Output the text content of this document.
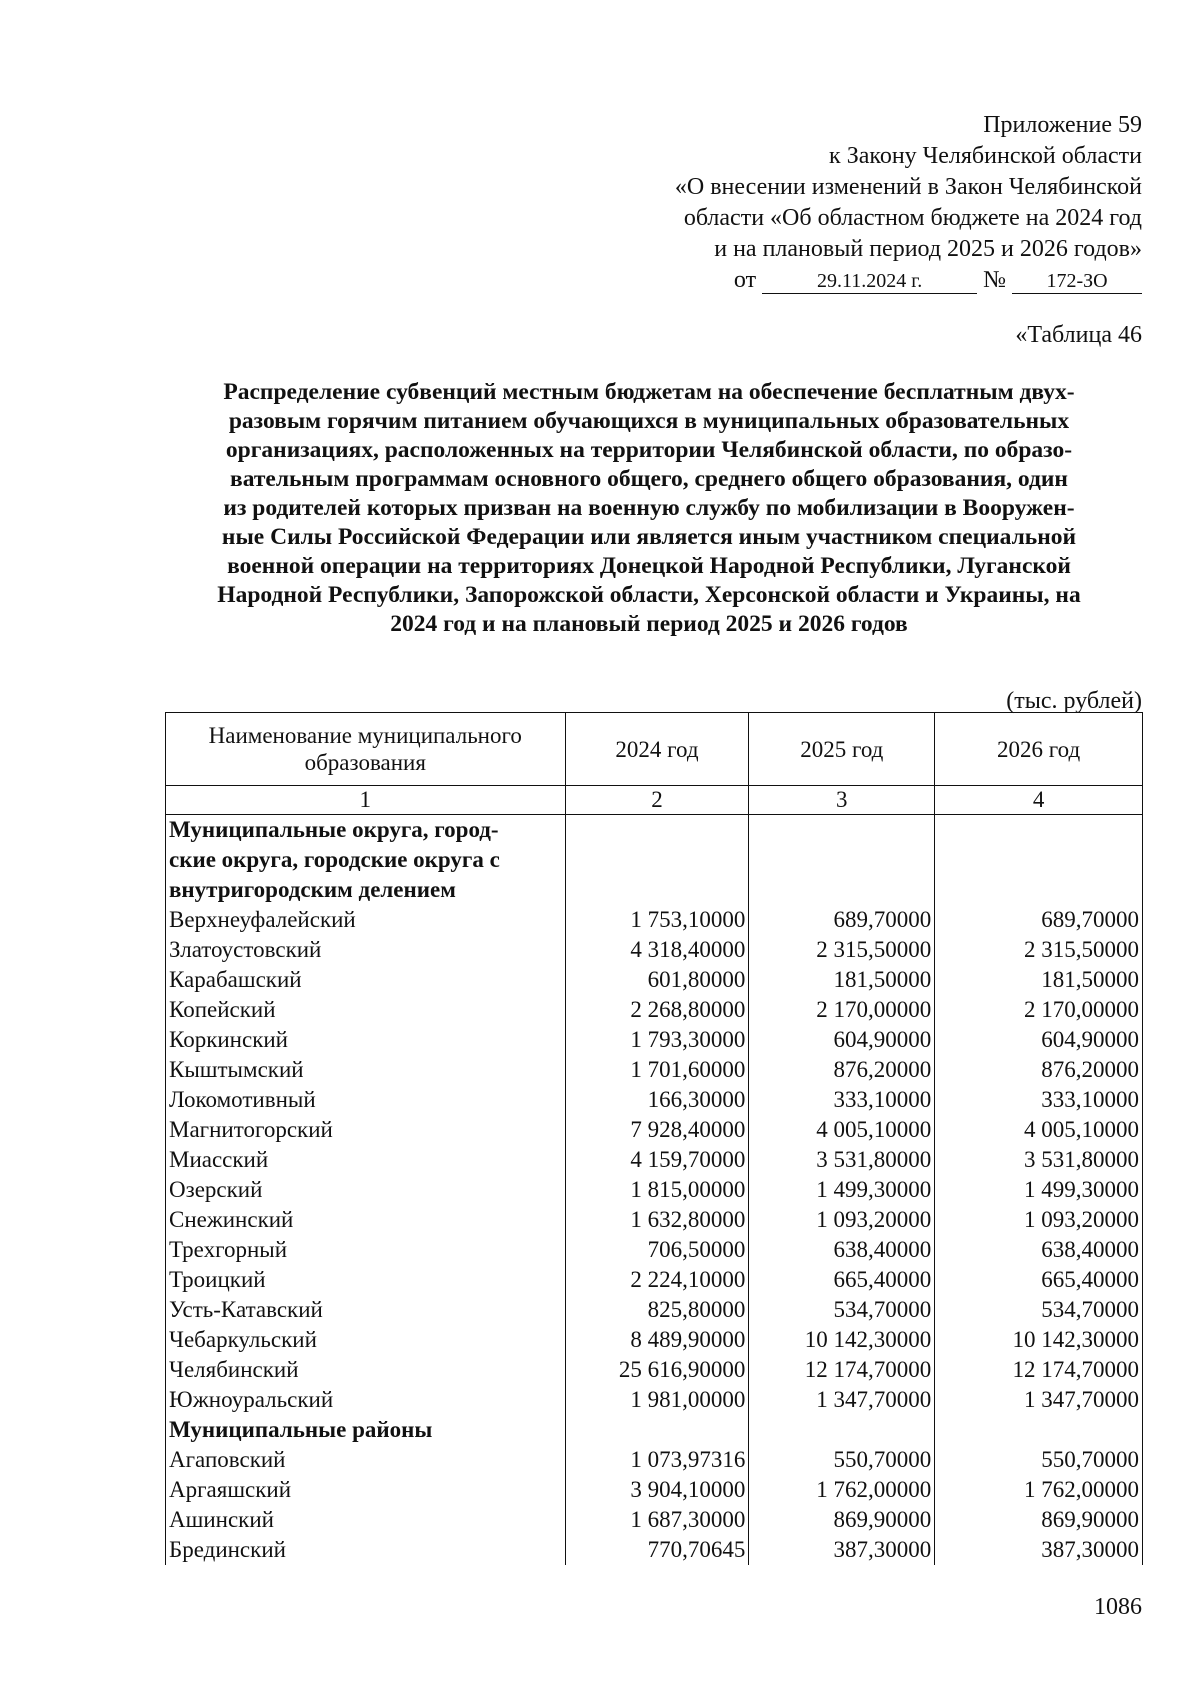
Приложение 59
к Закону Челябинской области
«О внесении изменений в Закон Челябинской
области «Об областном бюджете на 2024 год
и на плановый период 2025 и 2026 годов»
от	29.11.2024 г.	№ 172-ЗО
«Таблица 46
Распределение субвенций местным бюджетам на обеспечение бесплатным двух-
разовым горячим питанием обучающихся в муниципальных образовательных
организациях, расположенных на территории Челябинской области, по образо-
вательным программам основного общего, среднего общего образования, один
из родителей которых призван на военную службу по мобилизации в Вооружен-
ные Силы Российской Федерации или является иным участником специальной
военной операции на территориях Донецкой Народной Республики, Луганской
Народной Республики, Запорожской области, Херсонской области и Украины, на
2024 год и на плановый период 2025 и 2026 годов
(тыс. рублей)
Наименование муниципального образования	2024 год	2025 год	2026 год
1	2	3	4
Муниципальные округа, город-			
ские округа, городские округа с			
внутригородским делением			
Верхнеуфалейский	1 753,10000	689,70000	689,70000
Златоустовский	4 318,40000	2 315,50000	2 315,50000
Карабашский	601,80000	181,50000	181,50000
Копейский	2 268,80000	2 170,00000	2 170,00000
Коркинский	1 793,30000	604,90000	604,90000
Кыштымский	1 701,60000	876,20000	876,20000
Локомотивный	166,30000	333,10000	333,10000
Магнитогорский	7 928,40000	4 005,10000	4 005,10000
Миасский	4 159,70000	3 531,80000	3 531,80000
Озерский	1 815,00000	1 499,30000	1 499,30000
Снежинский	1 632,80000	1 093,20000	1 093,20000
Трехгорный	706,50000	638,40000	638,40000
Троицкий	2 224,10000	665,40000	665,40000
Усть-Катавский	825,80000	534,70000	534,70000
Чебаркульский	8 489,90000	10 142,30000	10 142,30000
Челябинский	25 616,90000	12 174,70000	12 174,70000
Южноуральский	1 981,00000	1 347,70000	1 347,70000
Муниципальные районы			
Агаповский	1 073,97316	550,70000	550,70000
Аргаяшский	3 904,10000	1 762,00000	1 762,00000
Ашинский	1 687,30000	869,90000	869,90000
Брединский	770,70645	387,30000	387,30000
1086
